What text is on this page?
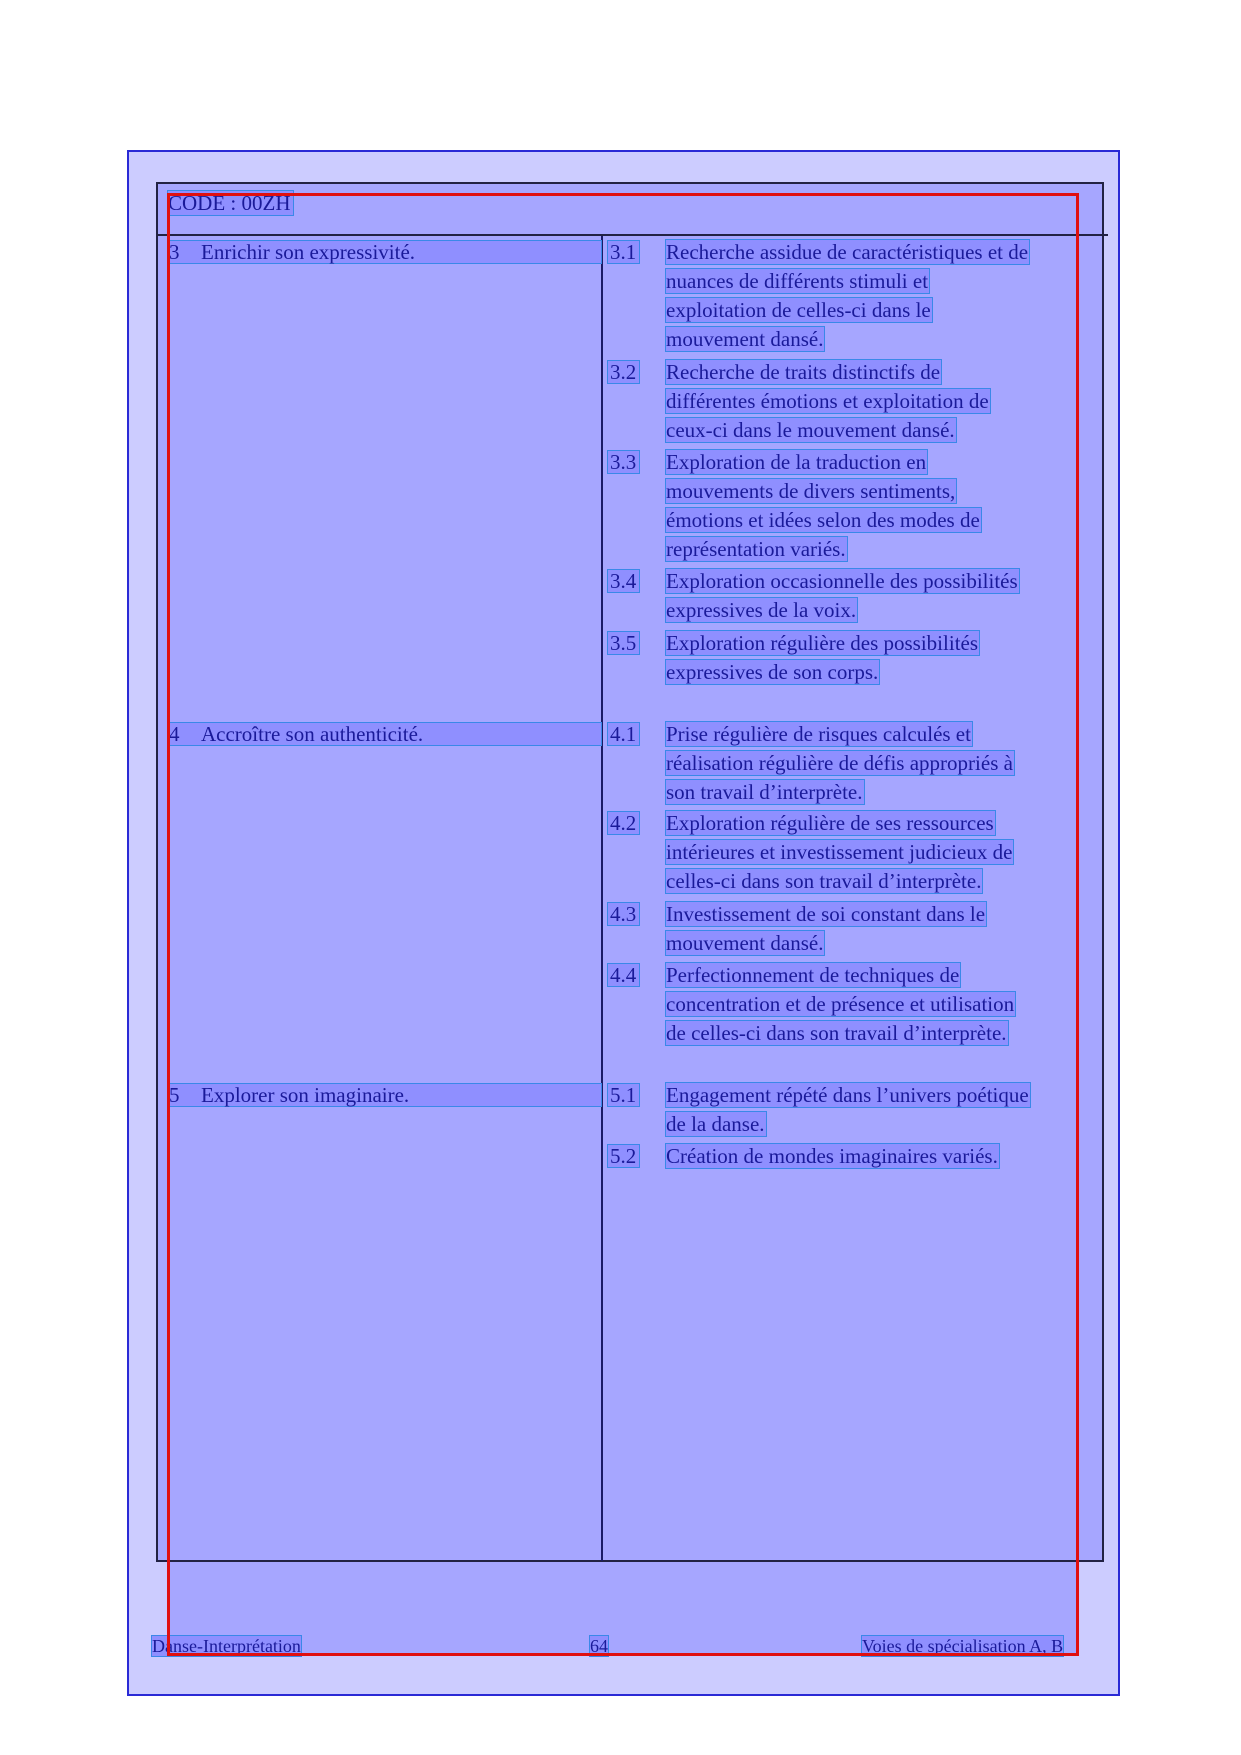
CODE : 00ZH
3 Enrichir son expressivité.	3.1 Recherche assidue de caractéristiques et de
nuances de différents stimuli et
exploitation de celles-ci dans le
mouvement dansé.
3.2 Recherche de traits distinctifs de
différentes émotions et exploitation de
ceux-ci dans le mouvement dansé.
3.3 Exploration de la traduction en
mouvements de divers sentiments,
émotions et idées selon des modes de
représentation variés.
3.4 Exploration occasionnelle des possibilités
expressives de la voix.
3.5 Exploration régulière des possibilités
expressives de son corps.
4 Accroître son authenticité.	4.1 Prise régulière de risques calculés et
réalisation régulière de défis appropriés à
son travail d’interprète.
4.2 Exploration régulière de ses ressources
intérieures et investissement judicieux de
celles-ci dans son travail d’interprète.
4.3 Investissement de soi constant dans le
mouvement dansé.
4.4 Perfectionnement de techniques de
concentration et de présence et utilisation
de celles-ci dans son travail d’interprète.
5 Explorer son imaginaire.	5.1 Engagement répété dans l’univers poétique
de la danse.
5.2 Création de mondes imaginaires variés.
Danse-Interprétation	64	Voies de spécialisation A, B
